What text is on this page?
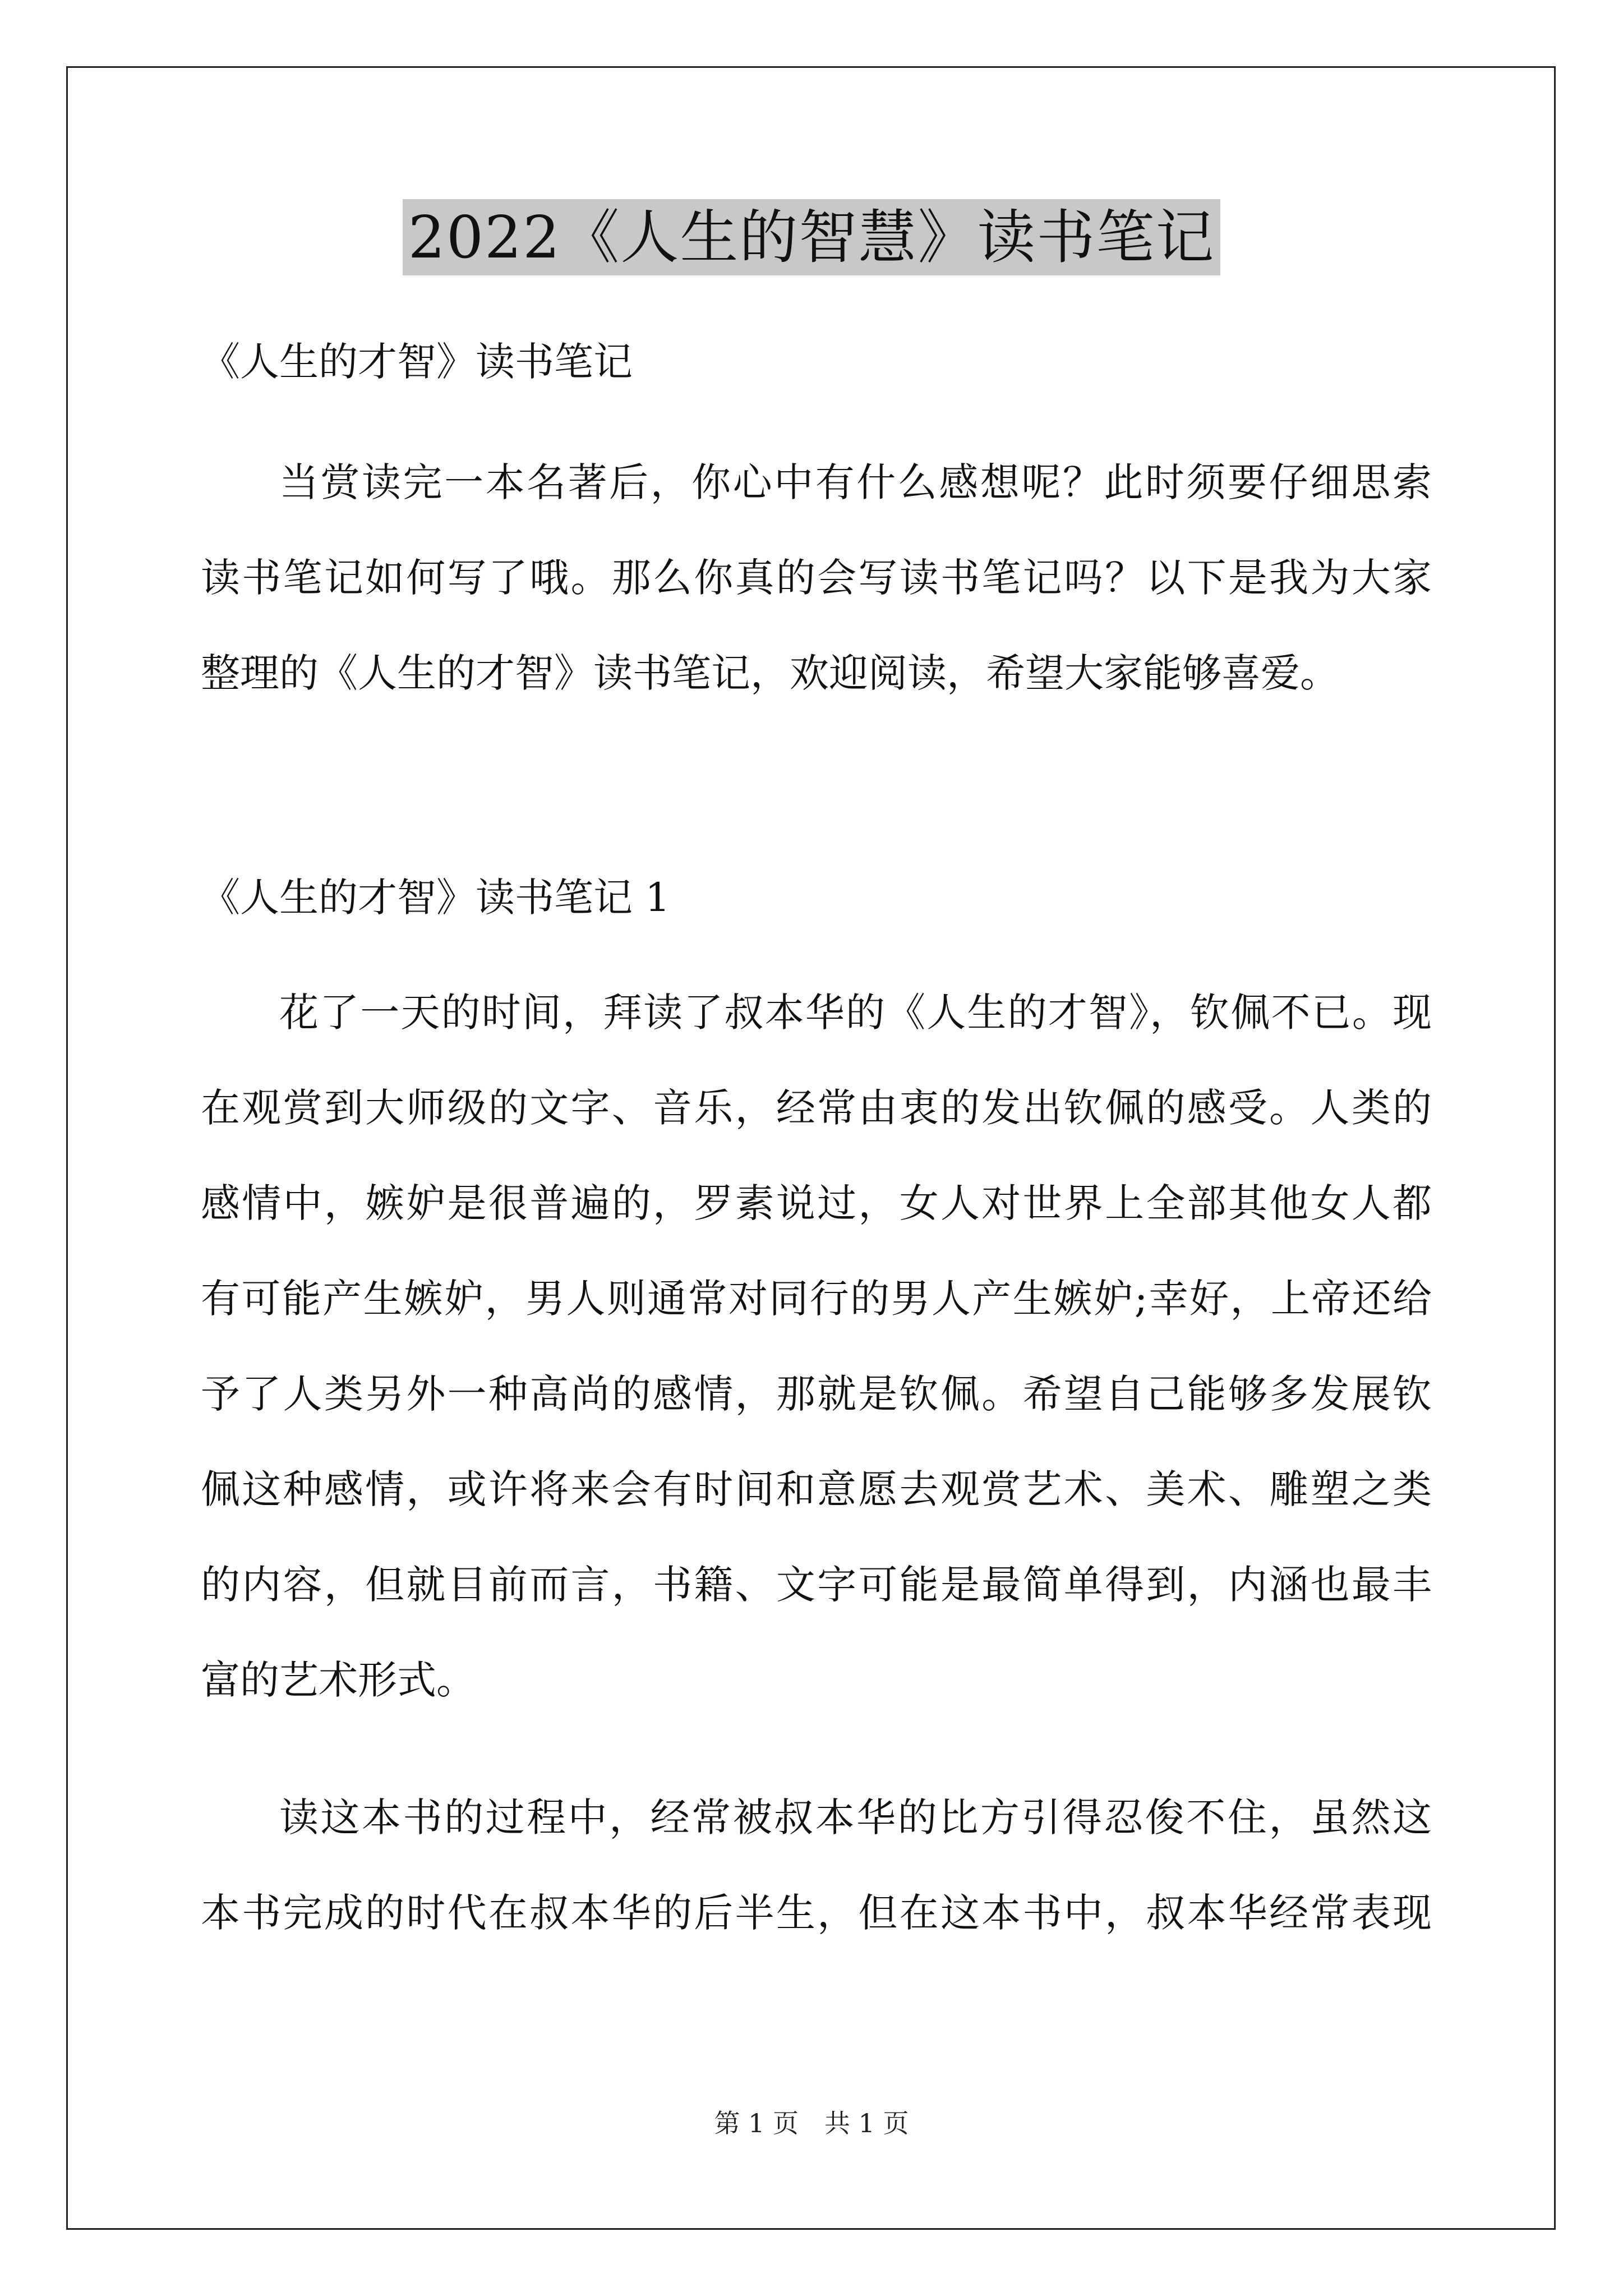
2022《人生的智慧》读书笔记
《人生的才智》读书笔记
当赏读完一本名著后，你心中有什么感想呢？此时须要仔细思索
读书笔记如何写了哦。那么你真的会写读书笔记吗？以下是我为大家
整理的《人生的才智》读书笔记，欢迎阅读，希望大家能够喜爱。
《人生的才智》读书笔记 1
花了一天的时间，拜读了叔本华的《人生的才智》，钦佩不已。现
在观赏到大师级的文字、音乐，经常由衷的发出钦佩的感受。人类的
感情中，嫉妒是很普遍的，罗素说过，女人对世界上全部其他女人都
有可能产生嫉妒，男人则通常对同行的男人产生嫉妒;幸好，上帝还给
予了人类另外一种高尚的感情，那就是钦佩。希望自己能够多发展钦
佩这种感情，或许将来会有时间和意愿去观赏艺术、美术、雕塑之类
的内容，但就目前而言，书籍、文字可能是最简单得到，内涵也最丰
富的艺术形式。
读这本书的过程中，经常被叔本华的比方引得忍俊不住，虽然这
本书完成的时代在叔本华的后半生，但在这本书中，叔本华经常表现
第 1 页　共 1 页
